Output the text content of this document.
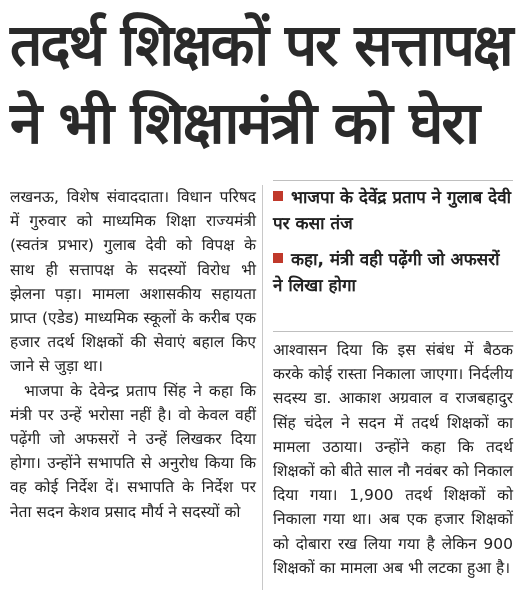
तदर्थ शिक्षकों पर सत्तापक्ष
ने भी शिक्षामंत्री को घेरा

लखनऊ, विशेष संवाददाता। विधान परिषद में गुरुवार को माध्यमिक शिक्षा राज्यमंत्री (स्वतंत्र प्रभार) गुलाब देवी को विपक्ष के साथ ही सत्तापक्ष के सदस्यों विरोध भी झेलना पड़ा। मामला अशासकीय सहायता प्राप्त (एडेड) माध्यमिक स्कूलों के करीब एक हजार तदर्थ शिक्षकों की सेवाएं बहाल किए जाने से जुड़ा था।

भाजपा के देवेन्द्र प्रताप सिंह ने कहा कि मंत्री पर उन्हें भरोसा नहीं है। वो केवल वहीं पढ़ेंगी जो अफसरों ने उन्हें लिखकर दिया होगा। उन्होंने सभापति से अनुरोध किया कि वह कोई निर्देश दें। सभापति के निर्देश पर नेता सदन केशव प्रसाद मौर्य ने सदस्यों को

भाजपा के देवेंद्र प्रताप ने गुलाब देवी पर कसा तंज
कहा, मंत्री वही पढ़ेंगी जो अफसरों ने लिखा होगा

आश्वासन दिया कि इस संबंध में बैठक करके कोई रास्ता निकाला जाएगा। निर्दलीय सदस्य डा. आकाश अग्रवाल व राजबहादुर सिंह चंदेल ने सदन में तदर्थ शिक्षकों का मामला उठाया। उन्होंने कहा कि तदर्थ शिक्षकों को बीते साल नौ नवंबर को निकाल दिया गया। 1,900 तदर्थ शिक्षकों को निकाला गया था। अब एक हजार शिक्षकों को दोबारा रख लिया गया है लेकिन 900 शिक्षकों का मामला अब भी लटका हुआ है।
